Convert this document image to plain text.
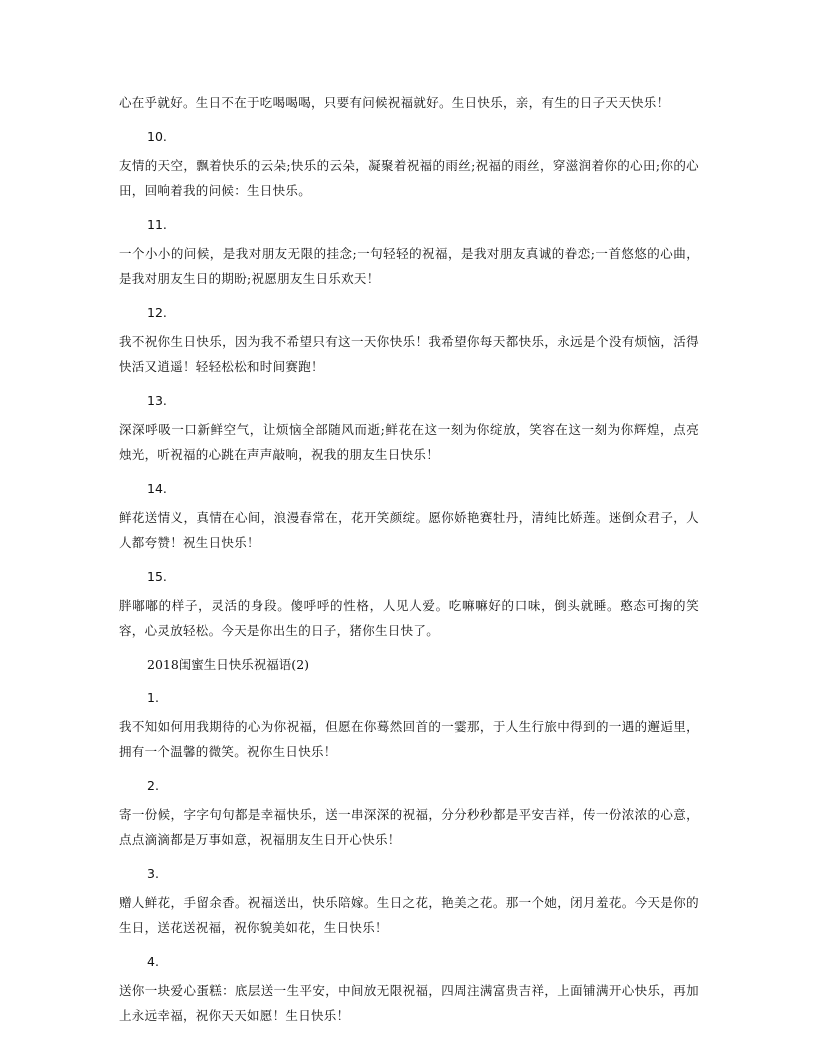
心在乎就好。生日不在于吃喝喝喝，只要有问候祝福就好。生日快乐，亲，有生的日子天天快乐！

10.

友情的天空，飘着快乐的云朵;快乐的云朵，凝聚着祝福的雨丝;祝福的雨丝，穿滋润着你的心田;你的心田，回响着我的问候：生日快乐。

11.

一个小小的问候，是我对朋友无限的挂念;一句轻轻的祝福，是我对朋友真诚的眷恋;一首悠悠的心曲，是我对朋友生日的期盼;祝愿朋友生日乐欢天！

12.

我不祝你生日快乐，因为我不希望只有这一天你快乐！我希望你每天都快乐，永远是个没有烦恼，活得快活又逍遥！轻轻松松和时间赛跑！

13.

深深呼吸一口新鲜空气，让烦恼全部随风而逝;鲜花在这一刻为你绽放，笑容在这一刻为你辉煌，点亮烛光，听祝福的心跳在声声敲响，祝我的朋友生日快乐！

14.

鲜花送情义，真情在心间，浪漫春常在，花开笑颜绽。愿你娇艳赛牡丹，清纯比娇莲。迷倒众君子，人人都夸赞！祝生日快乐！

15.

胖嘟嘟的样子，灵活的身段。傻呼呼的性格，人见人爱。吃嘛嘛好的口味，倒头就睡。憨态可掬的笑容，心灵放轻松。今天是你出生的日子，猪你生日快了。

2018闺蜜生日快乐祝福语(2)
1.

我不知如何用我期待的心为你祝福，但愿在你蓦然回首的一霎那，于人生行旅中得到的一遇的邂逅里，拥有一个温馨的微笑。祝你生日快乐！

2.

寄一份候，字字句句都是幸福快乐，送一串深深的祝福，分分秒秒都是平安吉祥，传一份浓浓的心意，点点滴滴都是万事如意，祝福朋友生日开心快乐！

3.

赠人鲜花，手留余香。祝福送出，快乐陪嫁。生日之花，艳美之花。那一个她，闭月羞花。今天是你的生日，送花送祝福，祝你貌美如花，生日快乐！

4.

送你一块爱心蛋糕：底层送一生平安，中间放无限祝福，四周注满富贵吉祥，上面铺满开心快乐，再加上永远幸福，祝你天天如愿！生日快乐！
